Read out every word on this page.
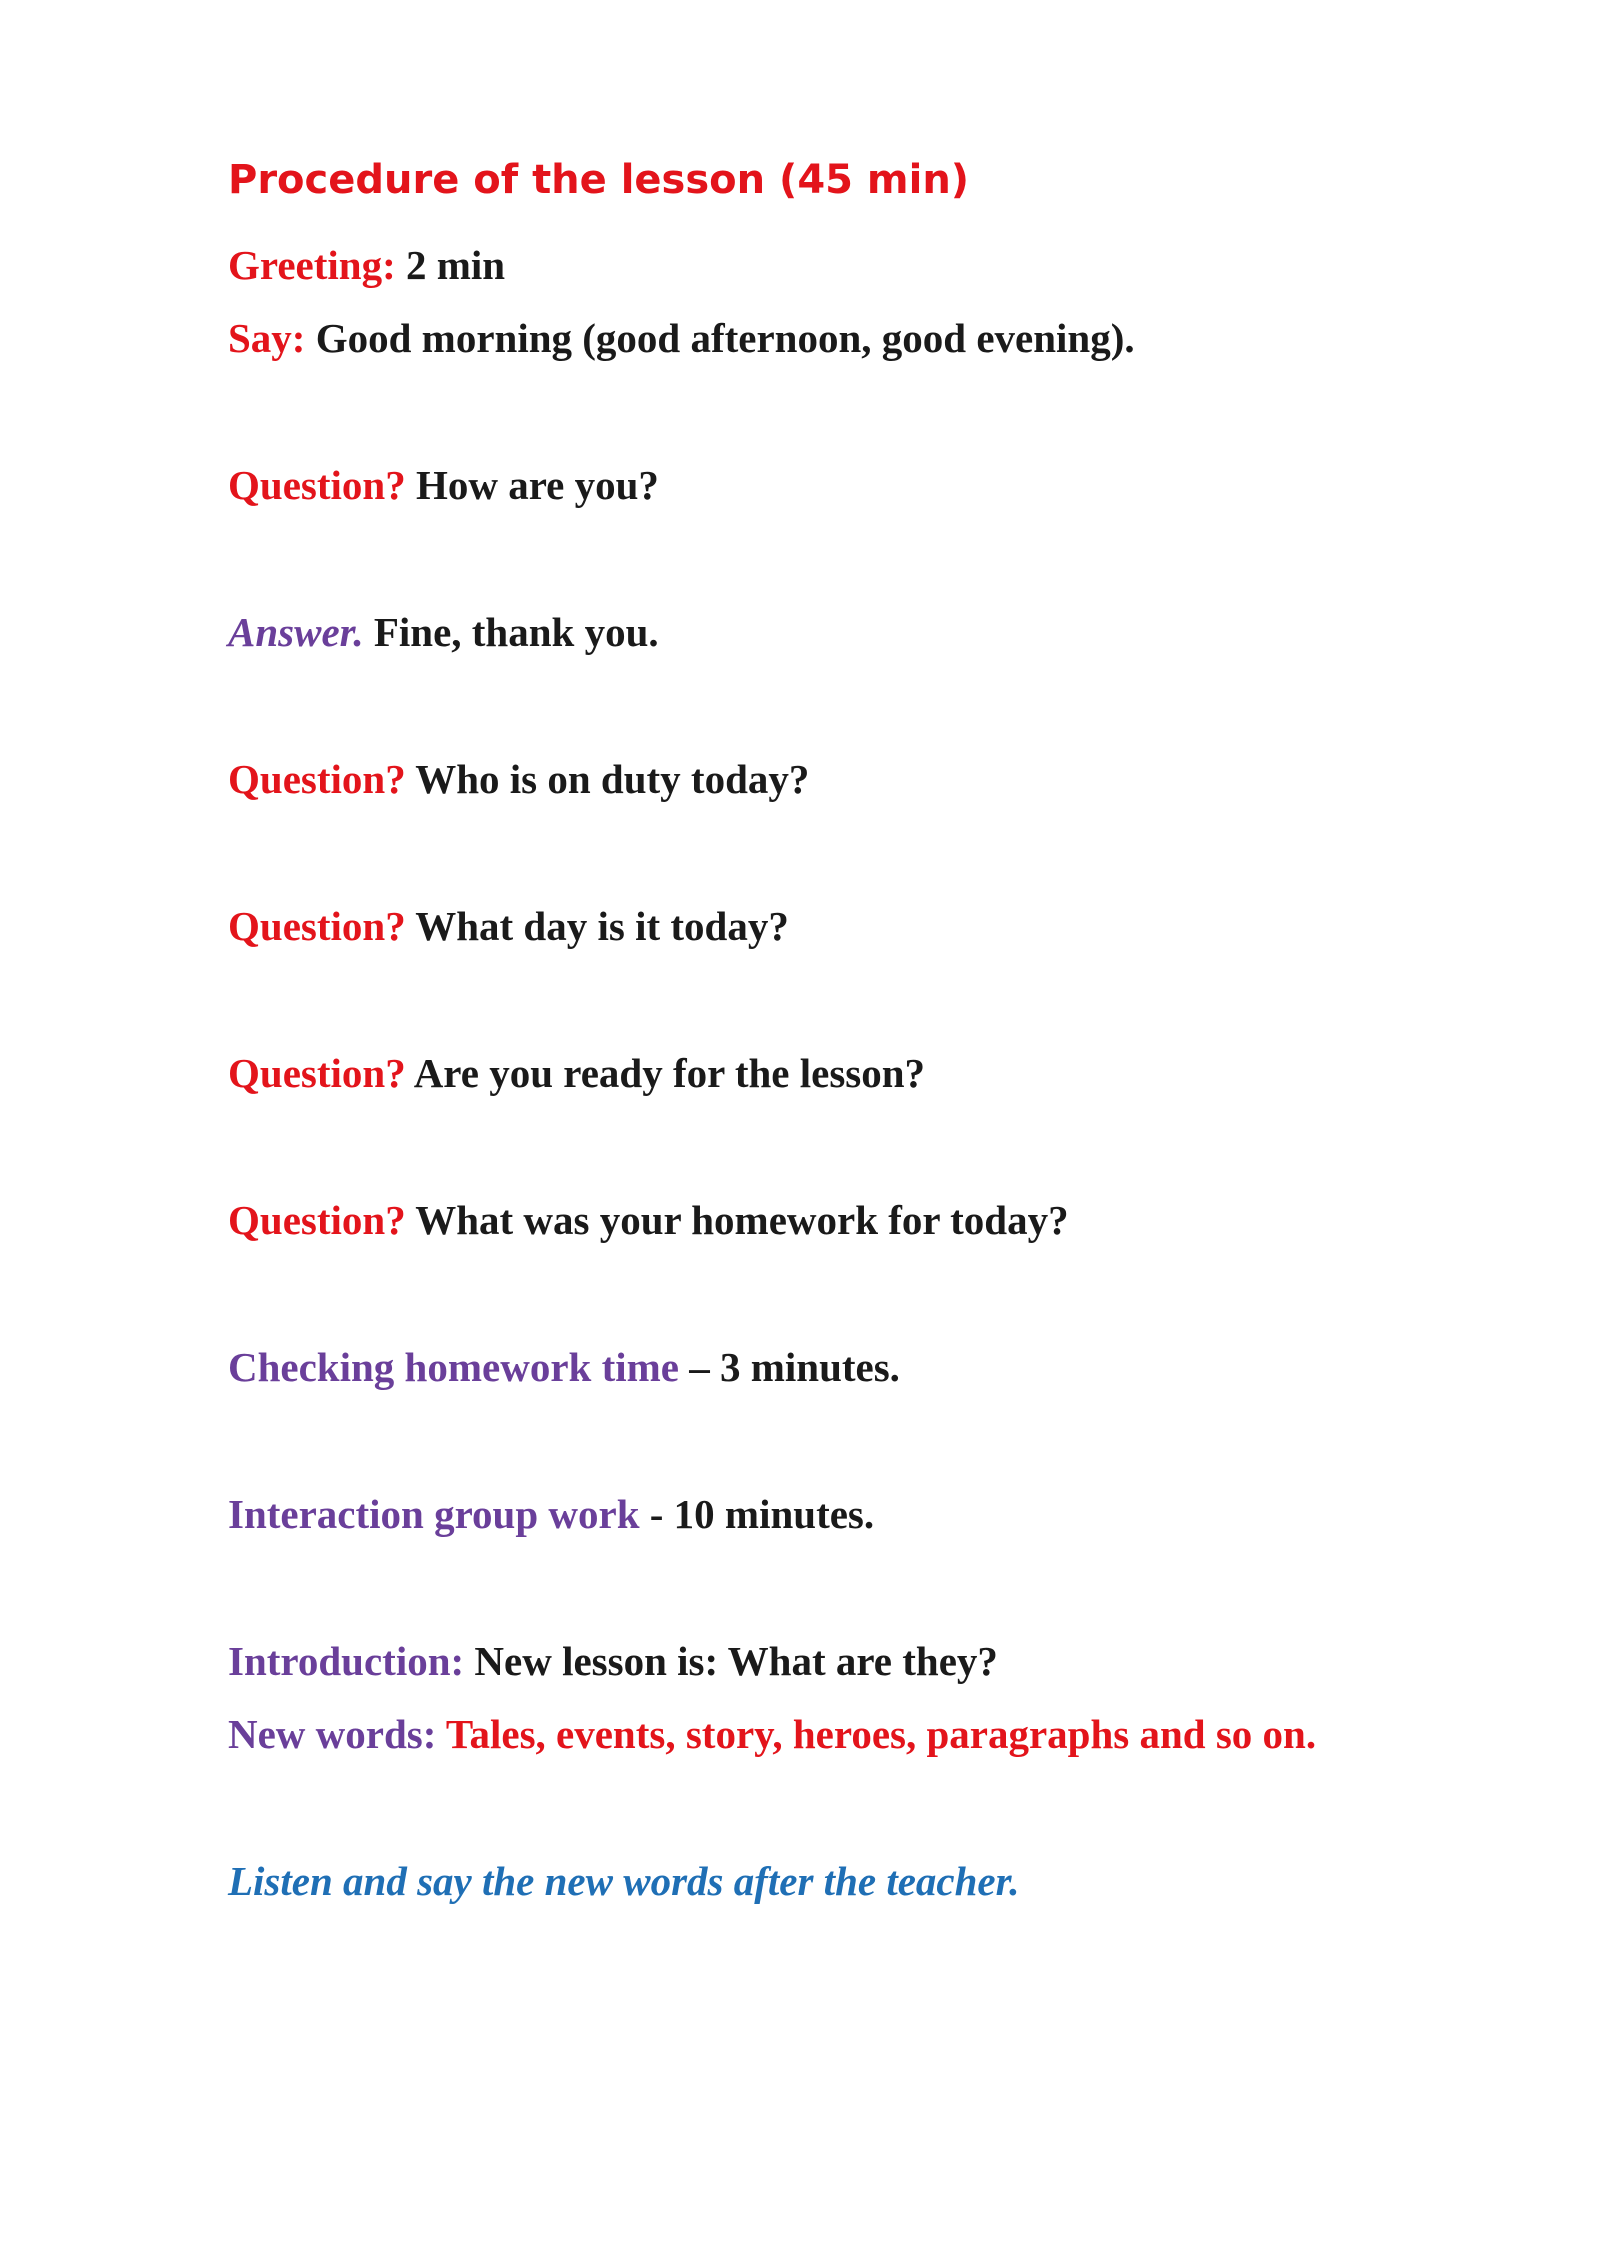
Procedure of the lesson (45 min)
Greeting: 2 min
Say: Good morning (good afternoon, good evening).
Question? How are you?
Answer. Fine, thank you.
Question? Who is on duty today?
Question? What day is it today?
Question? Are you ready for the lesson?
Question? What was your homework for today?
Checking homework time – 3 minutes.
Interaction group work - 10 minutes.
Introduction: New lesson is: What are they?
New words: Tales, events, story, heroes, paragraphs and so on.
Listen and say the new words after the teacher.
